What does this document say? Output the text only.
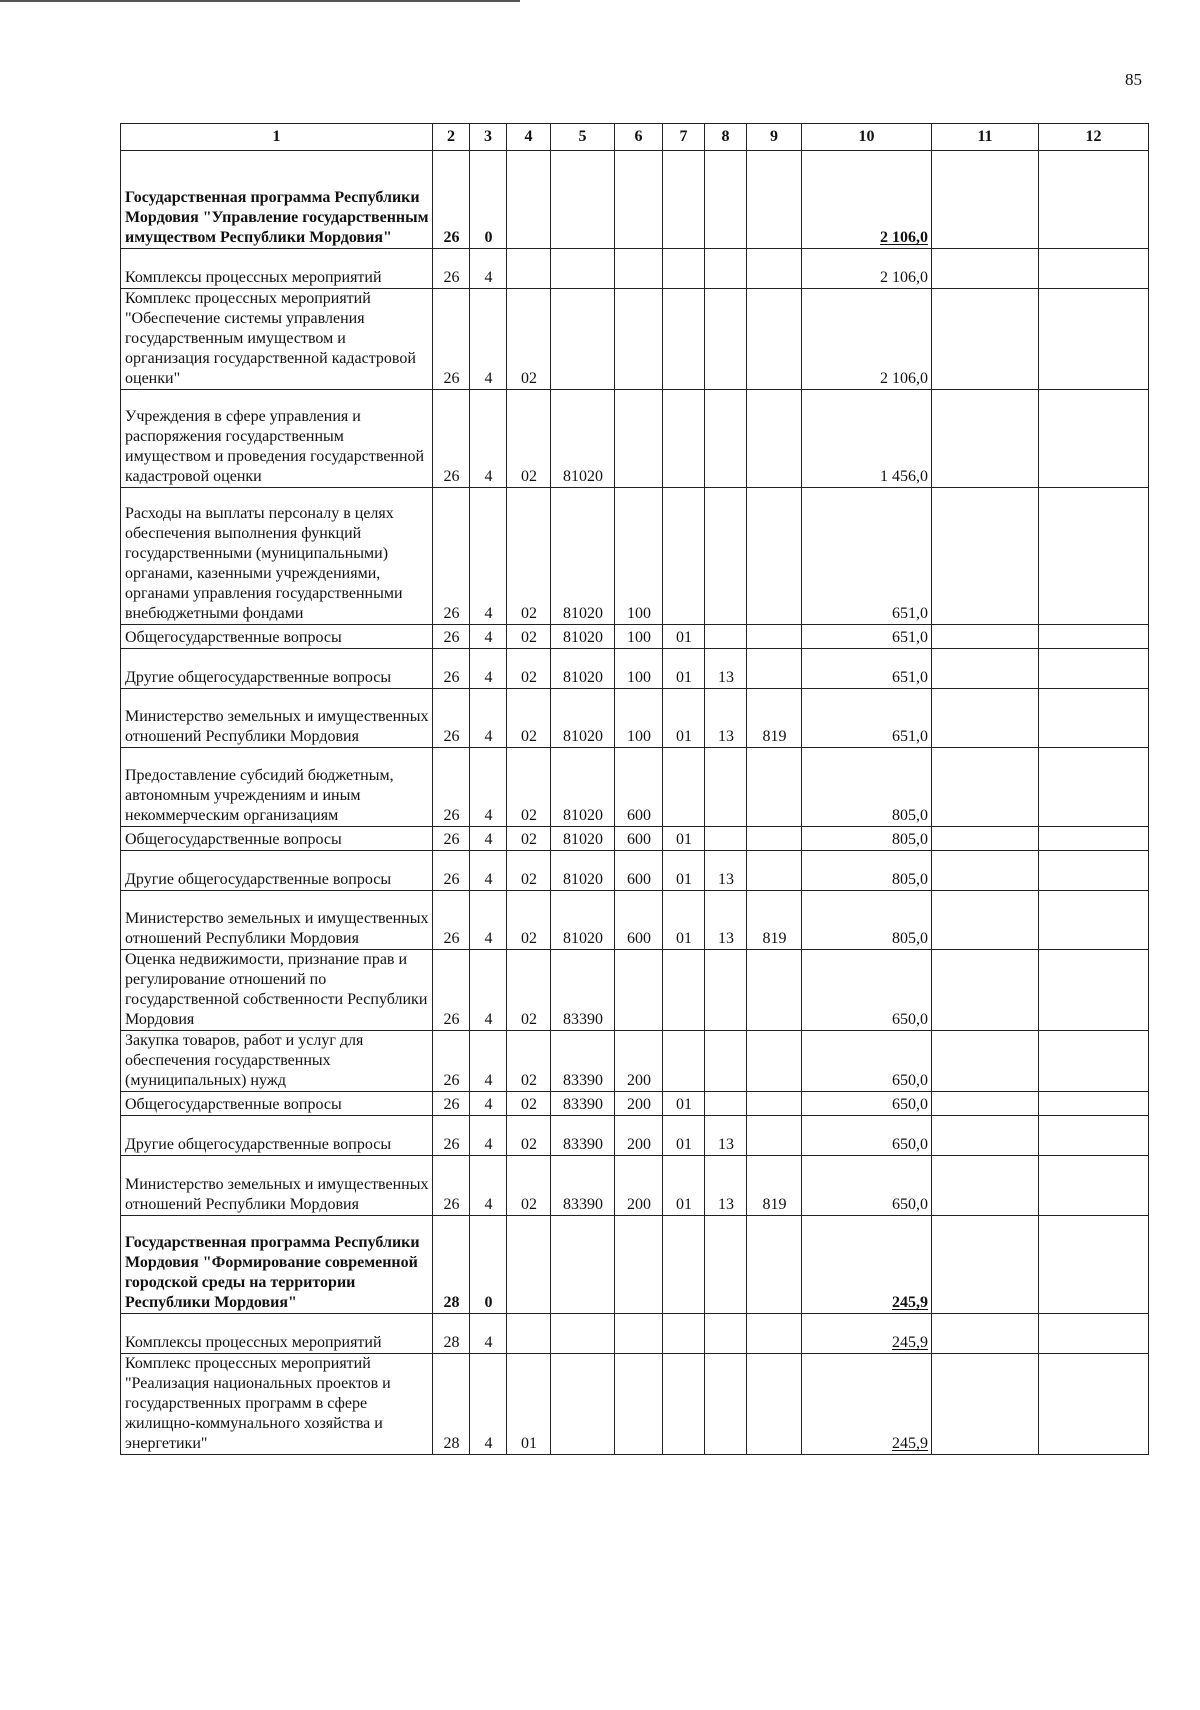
85
1	2	3	4	5	6	7	8	9	10	11	12
Государственная программа Республики Мордовия "Управление государственным имуществом Республики Мордовия"	26	0							2 106,0		
Комплексы процессных мероприятий	26	4							2 106,0		
Комплекс процессных мероприятий "Обеспечение системы управления государственным имуществом и организация государственной кадастровой оценки"	26	4	02						2 106,0		
Учреждения в сфере управления и распоряжения государственным имуществом и проведения государственной кадастровой оценки	26	4	02	81020					1 456,0		
Расходы на выплаты персоналу в целях обеспечения выполнения функций государственными (муниципальными) органами, казенными учреждениями, органами управления государственными внебюджетными фондами	26	4	02	81020	100				651,0		
Общегосударственные вопросы	26	4	02	81020	100	01			651,0		
Другие общегосударственные вопросы	26	4	02	81020	100	01	13		651,0		
Министерство земельных и имущественных отношений Республики Мордовия	26	4	02	81020	100	01	13	819	651,0		
Предоставление субсидий бюджетным, автономным учреждениям и иным некоммерческим организациям	26	4	02	81020	600				805,0		
Общегосударственные вопросы	26	4	02	81020	600	01			805,0		
Другие общегосударственные вопросы	26	4	02	81020	600	01	13		805,0		
Министерство земельных и имущественных отношений Республики Мордовия	26	4	02	81020	600	01	13	819	805,0		
Оценка недвижимости, признание прав и регулирование отношений по государственной собственности Республики Мордовия	26	4	02	83390					650,0		
Закупка товаров, работ и услуг для обеспечения государственных (муниципальных) нужд	26	4	02	83390	200				650,0		
Общегосударственные вопросы	26	4	02	83390	200	01			650,0		
Другие общегосударственные вопросы	26	4	02	83390	200	01	13		650,0		
Министерство земельных и имущественных отношений Республики Мордовия	26	4	02	83390	200	01	13	819	650,0		
Государственная программа Республики Мордовия "Формирование современной городской среды на территории Республики Мордовия"	28	0							245,9		
Комплексы процессных мероприятий	28	4							245,9		
Комплекс процессных мероприятий "Реализация национальных проектов и государственных программ в сфере жилищно-коммунального хозяйства и энергетики"	28	4	01						245,9		
